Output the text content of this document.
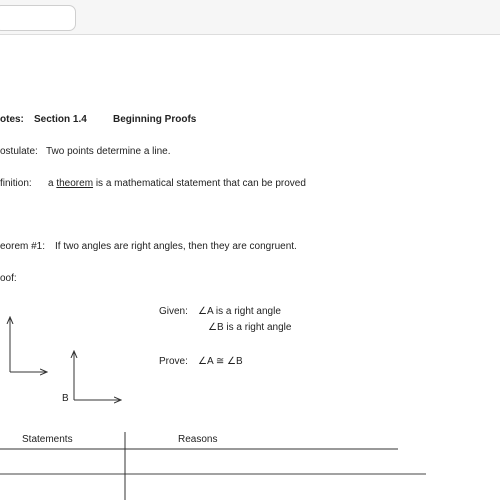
otes: Section 1.4	Beginning Proofs
ostulate: Two points determine a line.
finition: a theorem is a mathematical statement that can be proved
eorem #1: If two angles are right angles, then they are congruent.
oof:
Given: ∠A is a right angle
∠B is a right angle
Prove: ∠A ≅ ∠B
B
Statements	Reasons
